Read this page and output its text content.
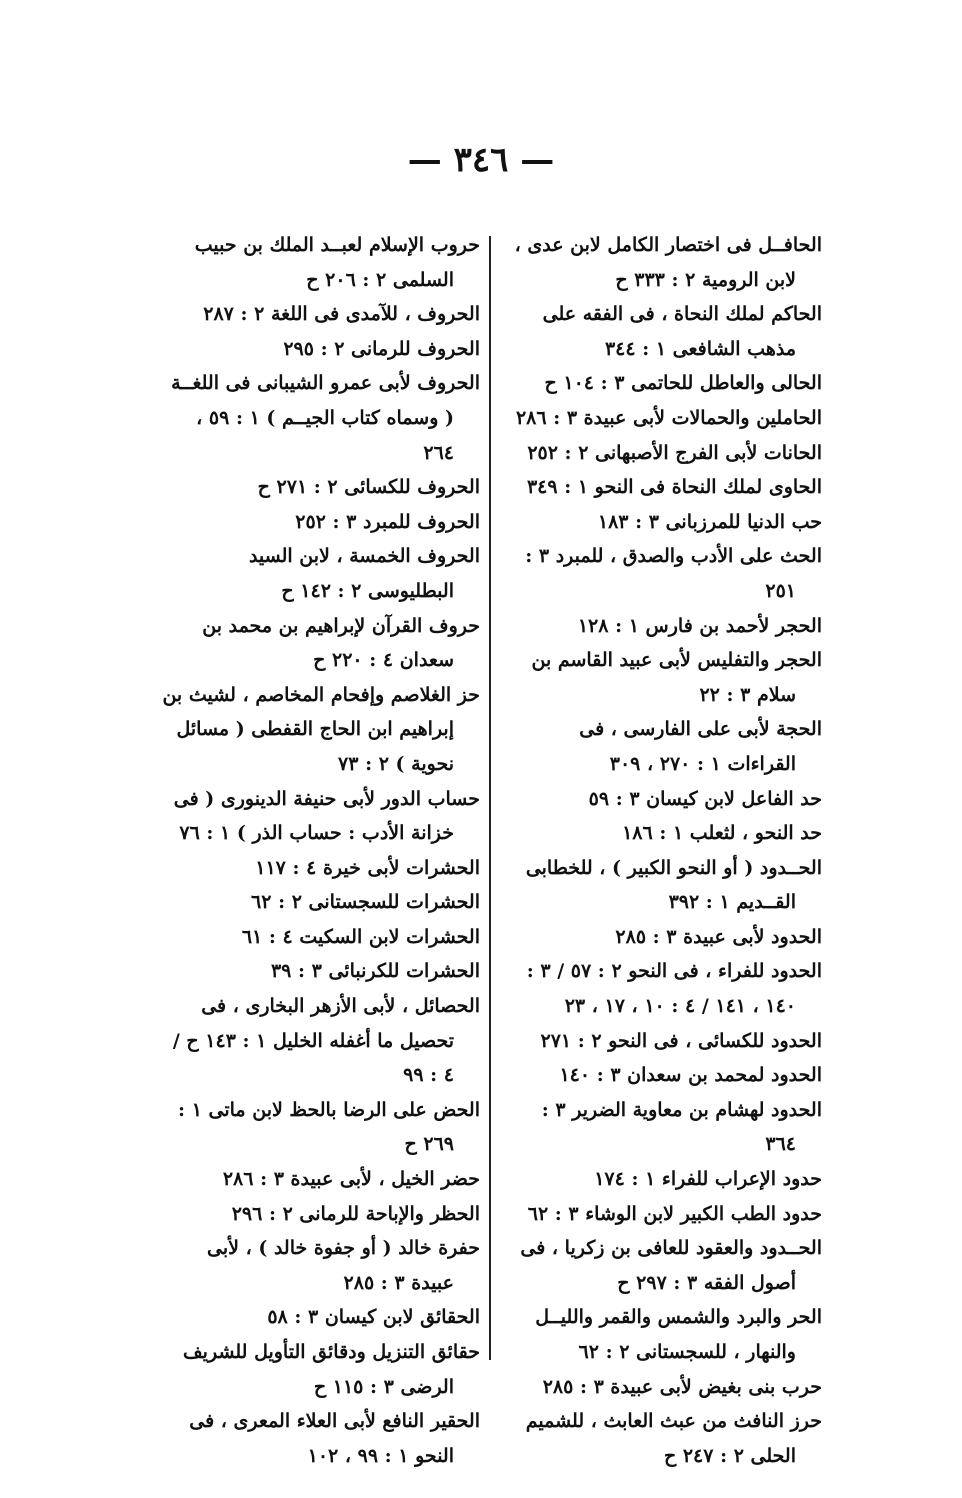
— ٣٤٦ —
الحافــل فى اختصار الكامل لابن عدى ، لابن الرومية ٢ : ٣٣٣ ح
الحاكم لملك النحاة ، فى الفقه على مذهب الشافعى ١ : ٣٤٤
الحالى والعاطل للحاتمى ٣ : ١٠٤ ح
الحاملين والحمالات لأبى عبيدة ٣ : ٢٨٦
الحانات لأبى الفرج الأصبهانى ٢ : ٢٥٢
الحاوى لملك النحاة فى النحو ١ : ٣٤٩
حب الدنيا للمرزبانى ٣ : ١٨٣
الحث على الأدب والصدق ، للمبرد ٣ : ٢٥١
الحجر لأحمد بن فارس ١ : ١٢٨
الحجر والتفليس لأبى عبيد القاسم بن سلام ٣ : ٢٢
الحجة لأبى على الفارسى ، فى القراءات ١ : ٢٧٠ ، ٣٠٩
حد الفاعل لابن كيسان ٣ : ٥٩
حد النحو ، لثعلب ١ : ١٨٦
الحــدود ( أو النحو الكبير ) ، للخطابى القــديم ١ : ٣٩٢
الحدود لأبى عبيدة ٣ : ٢٨٥
الحدود للفراء ، فى النحو ٢ : ٥٧ / ٣ : ١٤٠ ، ١٤١ / ٤ : ١٠ ، ١٧ ، ٢٣
الحدود للكسائى ، فى النحو ٢ : ٢٧١
الحدود لمحمد بن سعدان ٣ : ١٤٠
الحدود لهشام بن معاوية الضرير ٣ : ٣٦٤
حدود الإعراب للفراء ١ : ١٧٤
حدود الطب الكبير لابن الوشاء ٣ : ٦٢
الحــدود والعقود للعافى بن زكريا ، فى أصول الفقه ٣ : ٢٩٧ ح
الحر والبرد والشمس والقمر والليــل والنهار ، للسجستانى ٢ : ٦٢
حرب بنى بغيض لأبى عبيدة ٣ : ٢٨٥
حرز النافث من عبث العابث ، للشميم الحلى ٢ : ٢٤٧ ح
حروب الإسلام لعبــد الملك بن حبيب السلمى ٢ : ٢٠٦ ح
الحروف ، للآمدى فى اللغة ٢ : ٢٨٧
الحروف للرمانى ٢ : ٢٩٥
الحروف لأبى عمرو الشيبانى فى اللغــة ( وسماه كتاب الجيــم ) ١ : ٥٩ ، ٢٦٤
الحروف للكسائى ٢ : ٢٧١ ح
الحروف للمبرد ٣ : ٢٥٢
الحروف الخمسة ، لابن السيد البطليوسى ٢ : ١٤٢ ح
حروف القرآن لإبراهيم بن محمد بن سعدان ٤ : ٢٢٠ ح
حز الغلاصم وإفحام المخاصم ، لشيث بن إبراهيم ابن الحاج القفطى ( مسائل نحوية ) ٢ : ٧٣
حساب الدور لأبى حنيفة الدينورى ( فى خزانة الأدب : حساب الذر ) ١ : ٧٦
الحشرات لأبى خيرة ٤ : ١١٧
الحشرات للسجستانى ٢ : ٦٢
الحشرات لابن السكيت ٤ : ٦١
الحشرات للكرنبائى ٣ : ٣٩
الحصائل ، لأبى الأزهر البخارى ، فى تحصيل ما أغفله الخليل ١ : ١٤٣ ح / ٤ : ٩٩
الحض على الرضا بالحظ لابن ماتى ١ : ٢٦٩ ح
حضر الخيل ، لأبى عبيدة ٣ : ٢٨٦
الحظر والإباحة للرمانى ٢ : ٢٩٦
حفرة خالد ( أو جفوة خالد ) ، لأبى عبيدة ٣ : ٢٨٥
الحقائق لابن كيسان ٣ : ٥٨
حقائق التنزيل ودقائق التأويل للشريف الرضى ٣ : ١١٥ ح
الحقير النافع لأبى العلاء المعرى ، فى النحو ١ : ٩٩ ، ١٠٢
